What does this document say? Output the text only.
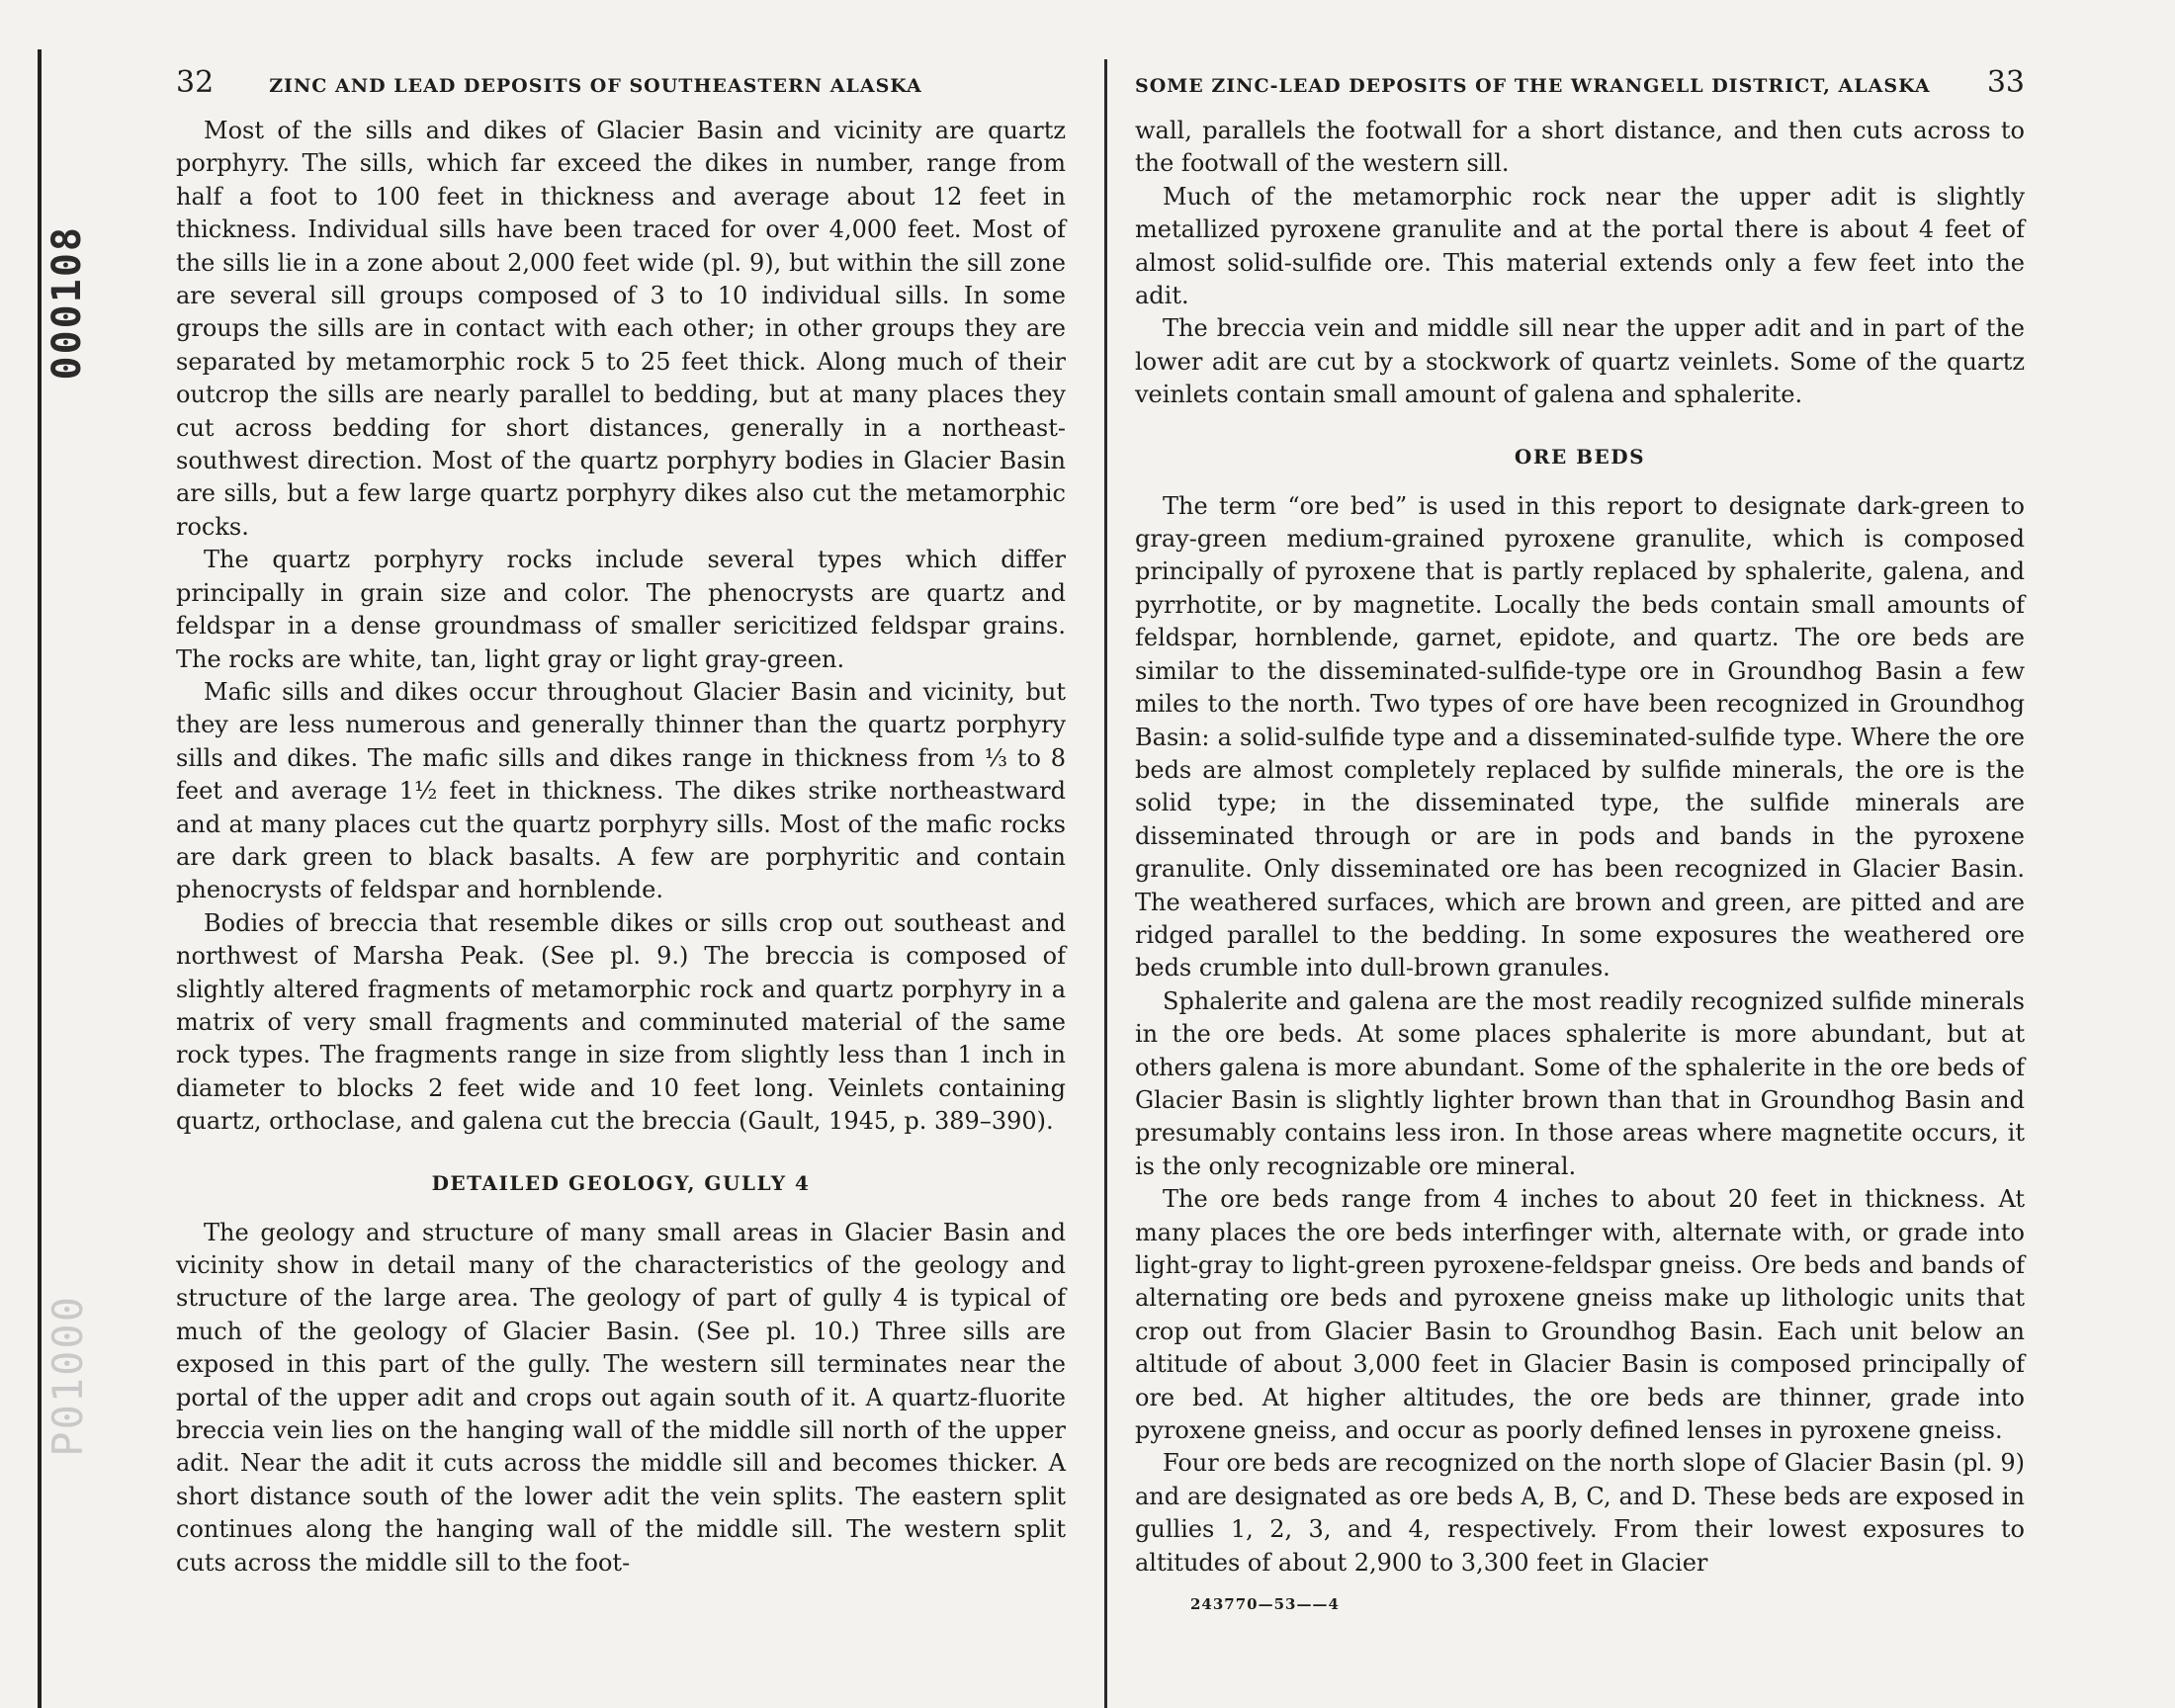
000108
P01000
32	ZINC AND LEAD DEPOSITS OF SOUTHEASTERN ALASKA

Most of the sills and dikes of Glacier Basin and vicinity are quartz porphyry. The sills, which far exceed the dikes in number, range from half a foot to 100 feet in thickness and average about 12 feet in thickness. Individual sills have been traced for over 4,000 feet. Most of the sills lie in a zone about 2,000 feet wide (pl. 9), but within the sill zone are several sill groups composed of 3 to 10 individual sills. In some groups the sills are in contact with each other; in other groups they are separated by metamorphic rock 5 to 25 feet thick. Along much of their outcrop the sills are nearly parallel to bedding, but at many places they cut across bedding for short distances, generally in a northeast-southwest direction. Most of the quartz porphyry bodies in Glacier Basin are sills, but a few large quartz porphyry dikes also cut the metamorphic rocks.

The quartz porphyry rocks include several types which differ principally in grain size and color. The phenocrysts are quartz and feldspar in a dense groundmass of smaller sericitized feldspar grains. The rocks are white, tan, light gray or light gray-green.

Mafic sills and dikes occur throughout Glacier Basin and vicinity, but they are less numerous and generally thinner than the quartz porphyry sills and dikes. The mafic sills and dikes range in thickness from ⅓ to 8 feet and average 1½ feet in thickness. The dikes strike northeastward and at many places cut the quartz porphyry sills. Most of the mafic rocks are dark green to black basalts. A few are porphyritic and contain phenocrysts of feldspar and hornblende.

Bodies of breccia that resemble dikes or sills crop out southeast and northwest of Marsha Peak. (See pl. 9.) The breccia is composed of slightly altered fragments of metamorphic rock and quartz porphyry in a matrix of very small fragments and comminuted material of the same rock types. The fragments range in size from slightly less than 1 inch in diameter to blocks 2 feet wide and 10 feet long. Veinlets containing quartz, orthoclase, and galena cut the breccia (Gault, 1945, p. 389–390).

DETAILED GEOLOGY, GULLY 4

The geology and structure of many small areas in Glacier Basin and vicinity show in detail many of the characteristics of the geology and structure of the large area. The geology of part of gully 4 is typical of much of the geology of Glacier Basin. (See pl. 10.) Three sills are exposed in this part of the gully. The western sill terminates near the portal of the upper adit and crops out again south of it. A quartz-fluorite breccia vein lies on the hanging wall of the middle sill north of the upper adit. Near the adit it cuts across the middle sill and becomes thicker. A short distance south of the lower adit the vein splits. The eastern split continues along the hanging wall of the middle sill. The western split cuts across the middle sill to the foot-

SOME ZINC-LEAD DEPOSITS OF THE WRANGELL DISTRICT, ALASKA 33

wall, parallels the footwall for a short distance, and then cuts across to the footwall of the western sill.

Much of the metamorphic rock near the upper adit is slightly metallized pyroxene granulite and at the portal there is about 4 feet of almost solid-sulfide ore. This material extends only a few feet into the adit.

The breccia vein and middle sill near the upper adit and in part of the lower adit are cut by a stockwork of quartz veinlets. Some of the quartz veinlets contain small amount of galena and sphalerite.

ORE BEDS

The term “ore bed” is used in this report to designate dark-green to gray-green medium-grained pyroxene granulite, which is composed principally of pyroxene that is partly replaced by sphalerite, galena, and pyrrhotite, or by magnetite. Locally the beds contain small amounts of feldspar, hornblende, garnet, epidote, and quartz. The ore beds are similar to the disseminated-sulfide-type ore in Groundhog Basin a few miles to the north. Two types of ore have been recognized in Groundhog Basin: a solid-sulfide type and a disseminated-sulfide type. Where the ore beds are almost completely replaced by sulfide minerals, the ore is the solid type; in the disseminated type, the sulfide minerals are disseminated through or are in pods and bands in the pyroxene granulite. Only disseminated ore has been recognized in Glacier Basin. The weathered surfaces, which are brown and green, are pitted and are ridged parallel to the bedding. In some exposures the weathered ore beds crumble into dull-brown granules.

Sphalerite and galena are the most readily recognized sulfide minerals in the ore beds. At some places sphalerite is more abundant, but at others galena is more abundant. Some of the sphalerite in the ore beds of Glacier Basin is slightly lighter brown than that in Groundhog Basin and presumably contains less iron. In those areas where magnetite occurs, it is the only recognizable ore mineral.

The ore beds range from 4 inches to about 20 feet in thickness. At many places the ore beds interfinger with, alternate with, or grade into light-gray to light-green pyroxene-feldspar gneiss. Ore beds and bands of alternating ore beds and pyroxene gneiss make up lithologic units that crop out from Glacier Basin to Groundhog Basin. Each unit below an altitude of about 3,000 feet in Glacier Basin is composed principally of ore bed. At higher altitudes, the ore beds are thinner, grade into pyroxene gneiss, and occur as poorly defined lenses in pyroxene gneiss.

Four ore beds are recognized on the north slope of Glacier Basin (pl. 9) and are designated as ore beds A, B, C, and D. These beds are exposed in gullies 1, 2, 3, and 4, respectively. From their lowest exposures to altitudes of about 2,900 to 3,300 feet in Glacier

243770—53——4
